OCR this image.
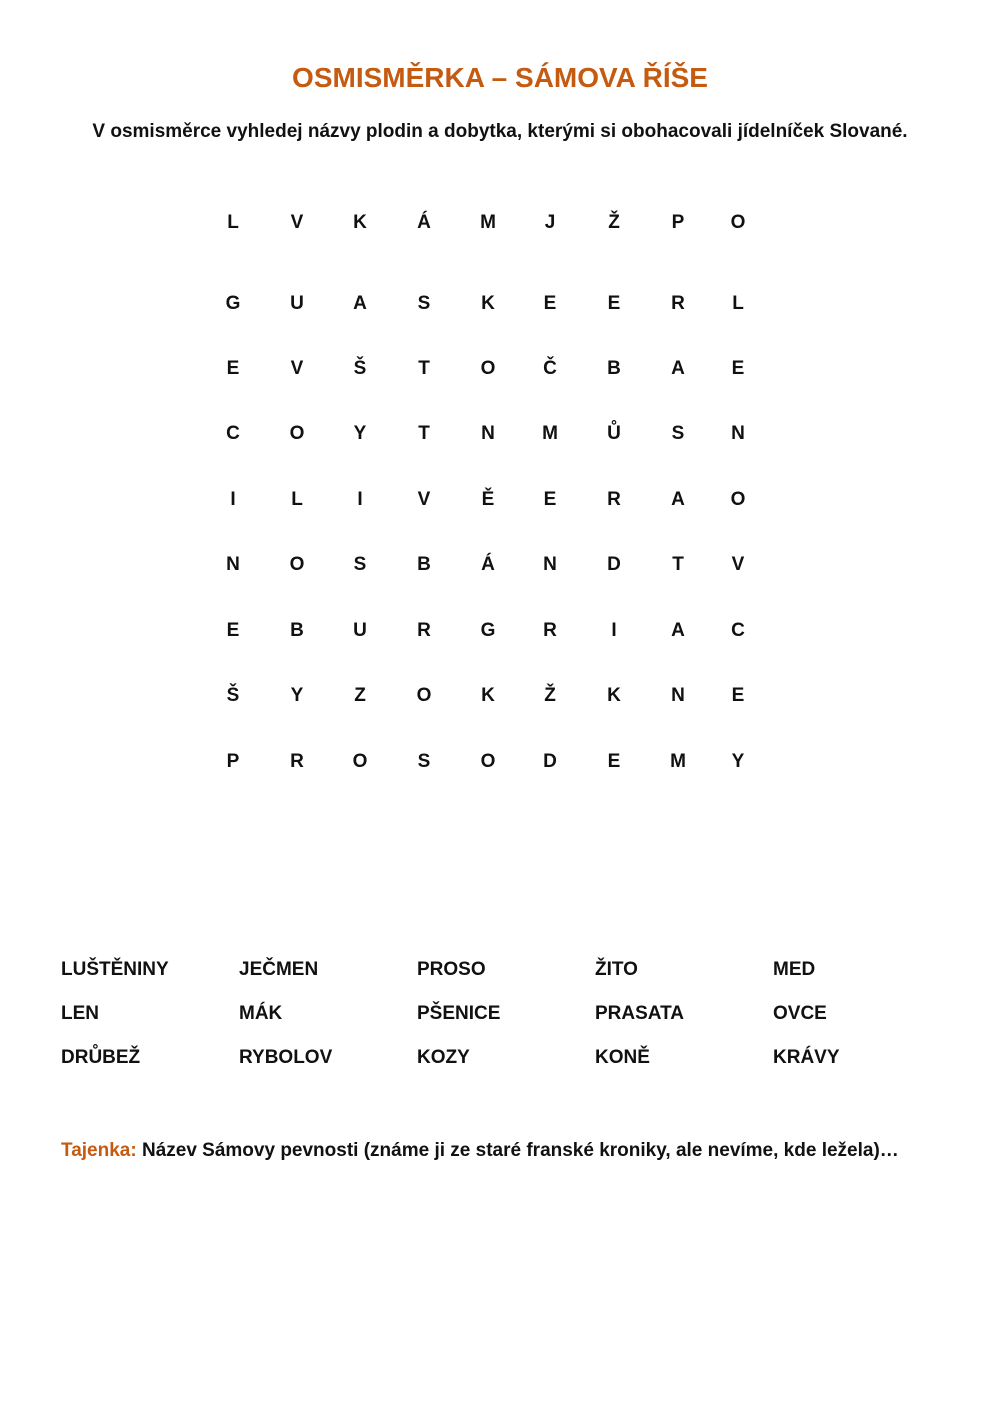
OSMISMĚRKA – SÁMOVA ŘÍŠE
V osmisměrce vyhledej názvy plodin a dobytka, kterými si obohacovali jídelníček Slované.
L	V	K	Á	M	J	Ž	P	O
G	U	A	S	K	E	E	R	L
E	V	Š	T	O	Č	B	A	E
C	O	Y	T	N	M	Ů	S	N
I	L	I	V	Ě	E	R	A	O
N	O	S	B	Á	N	D	T	V
E	B	U	R	G	R	I	A	C
Š	Y	Z	O	K	Ž	K	N	E
P	R	O	S	O	D	E	M	Y
LUŠTĚNINY	JEČMEN	PROSO	ŽITO	MED
LEN	MÁK	PŠENICE	PRASATA	OVCE
DRŮBEŽ	RYBOLOV	KOZY	KONĚ	KRÁVY
Tajenka: Název Sámovy pevnosti (známe ji ze staré franské kroniky, ale nevíme, kde ležela)…
